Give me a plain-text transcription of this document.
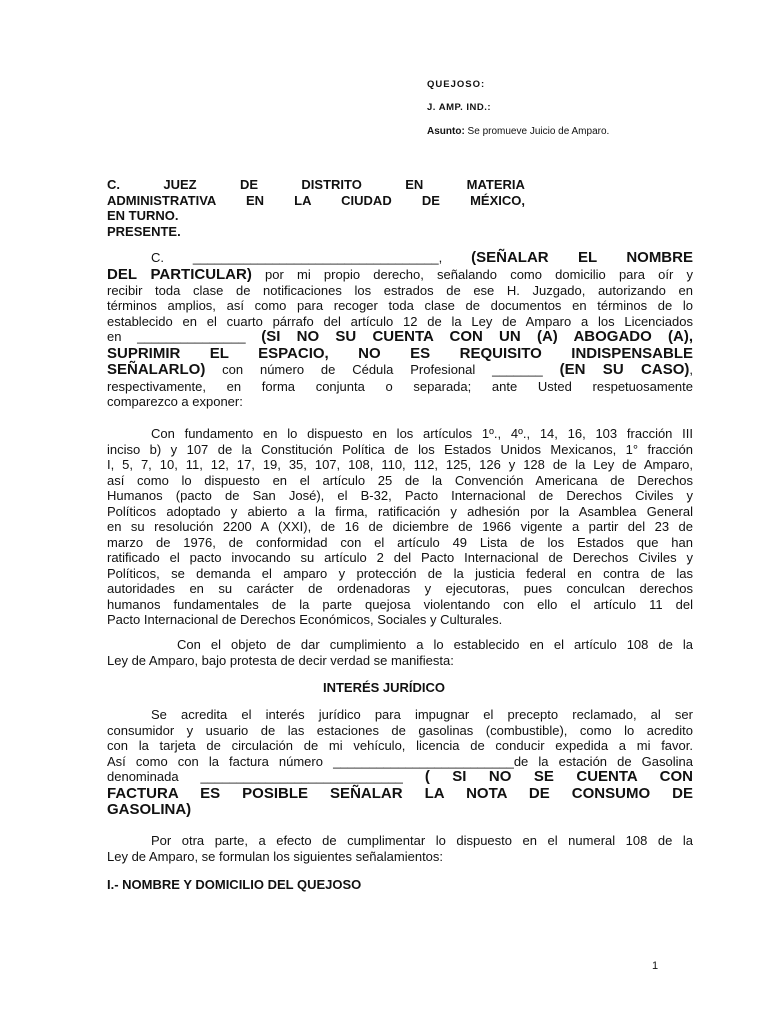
QUEJOSO:
J. AMP. IND.:
Asunto: Se promueve Juicio de Amparo.
C.	JUEZ	DE	DISTRITO	EN	MATERIA
ADMINISTRATIVA EN LA CIUDAD DE MÉXICO,
EN TURNO.
PRESENTE.
C. __________________________________, (SEÑALAR EL NOMBRE
DEL PARTICULAR) por mi propio derecho, señalando como domicilio para oír y
recibir toda clase de notificaciones los estrados de ese H. Juzgado, autorizando en
términos amplios, así como para recoger toda clase de documentos en términos de lo
establecido en el cuarto párrafo del artículo 12 de la Ley de Amparo a los Licenciados
en _______________ (SI NO SU CUENTA CON UN (A) ABOGADO (A),
SUPRIMIR EL ESPACIO, NO ES REQUISITO INDISPENSABLE
SEÑALARLO) con número de Cédula Profesional _______ (EN SU CASO),
respectivamente, en forma conjunta o separada; ante Usted respetuosamente
comparezco a exponer:
Con fundamento en lo dispuesto en los artículos 1º., 4º., 14, 16, 103 fracción III
inciso b) y 107 de la Constitución Política de los Estados Unidos Mexicanos, 1° fracción
I, 5, 7, 10, 11, 12, 17, 19, 35, 107, 108, 110, 112, 125, 126 y 128 de la Ley de Amparo,
así como lo dispuesto en el artículo 25 de la Convención Americana de Derechos
Humanos (pacto de San José), el B-32, Pacto Internacional de Derechos Civiles y
Políticos adoptado y abierto a la firma, ratificación y adhesión por la Asamblea General
en su resolución 2200 A (XXI), de 16 de diciembre de 1966 vigente a partir del 23 de
marzo de 1976, de conformidad con el artículo 49 Lista de los Estados que han
ratificado el pacto invocando su artículo 2 del Pacto Internacional de Derechos Civiles y
Políticos, se demanda el amparo y protección de la justicia federal en contra de las
autoridades en su carácter de ordenadoras y ejecutoras, pues conculcan derechos
humanos fundamentales de la parte quejosa violentando con ello el artículo 11 del
Pacto Internacional de Derechos Económicos, Sociales y Culturales.
Con el objeto de dar cumplimiento a lo establecido en el artículo 108 de la
Ley de Amparo, bajo protesta de decir verdad se manifiesta:
INTERÉS JURÍDICO
Se acredita el interés jurídico para impugnar el precepto reclamado, al ser
consumidor y usuario de las estaciones de gasolinas (combustible), como lo acredito
con la tarjeta de circulación de mi vehículo, licencia de conducir expedida a mi favor.
Así como con la factura número _________________________de la estación de Gasolina
denominada ____________________________ ( SI NO SE CUENTA CON
FACTURA ES POSIBLE SEÑALAR LA NOTA DE CONSUMO DE
GASOLINA)
Por otra parte, a efecto de cumplimentar lo dispuesto en el numeral 108 de la
Ley de Amparo, se formulan los siguientes señalamientos:
I.- NOMBRE Y DOMICILIO DEL QUEJOSO
1
